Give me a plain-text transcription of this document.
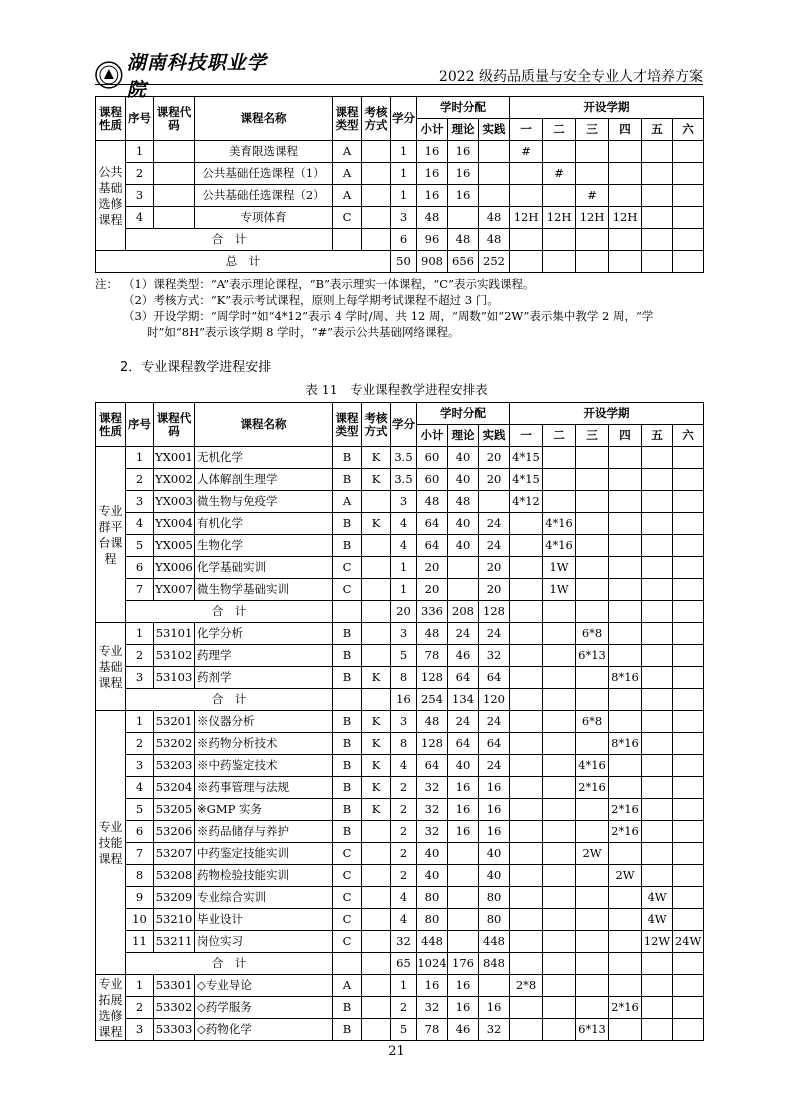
湖南科技职业学院
2022 级药品质量与安全专业人才培养方案
课程性质	序号	课程代码	课程名称	课程类型	考核方式	学分	学时分配			开设学期					
							小计	理论	实践	一	二	三	四	五	六
公共基础选修课程	1		美育限选课程	A		1	16	16		#					
	2		公共基础任选课程（1）	A		1	16	16			#				
	3		公共基础任选课程（2）	A		1	16	16				#			
	4		专项体育	C		3	48		48	12H	12H	12H	12H		
	合　计					6	96	48	48						
总　计						50	908	656	252						
注： （1）课程类型：“A”表示理论课程，“B”表示理实一体课程，“C”表示实践课程。
（2）考核方式：“K”表示考试课程，原则上每学期考试课程不超过 3 门。
（3）开设学期：“周学时”如“4*12”表示 4 学时/周、共 12 周，“周数”如“2W”表示集中教学 2 周，“学
时”如“8H”表示该学期 8 学时，“#”表示公共基础网络课程。
2．专业课程教学进程安排
表 11　专业课程教学进程安排表
课程性质	序号	课程代码	课程名称	课程类型	考核方式	学分	学时分配			开设学期					
							小计	理论	实践	一	二	三	四	五	六
专业群平台课程	1	YX001	无机化学	B	K	3.5	60	40	20	4*15					
	2	YX002	人体解剖生理学	B	K	3.5	60	40	20	4*15					
	3	YX003	微生物与免疫学	A		3	48	48		4*12					
	4	YX004	有机化学	B	K	4	64	40	24		4*16				
	5	YX005	生物化学	B		4	64	40	24		4*16				
	6	YX006	化学基础实训	C		1	20		20		1W				
	7	YX007	微生物学基础实训	C		1	20		20		1W				
	合　计					20	336	208	128						
专业基础课程	1	53101	化学分析	B		3	48	24	24			6*8			
	2	53102	药理学	B		5	78	46	32			6*13			
	3	53103	药剂学	B	K	8	128	64	64				8*16		
	合　计					16	254	134	120						
专业技能课程	1	53201	※仪器分析	B	K	3	48	24	24			6*8			
	2	53202	※药物分析技术	B	K	8	128	64	64				8*16		
	3	53203	※中药鉴定技术	B	K	4	64	40	24			4*16			
	4	53204	※药事管理与法规	B	K	2	32	16	16			2*16			
	5	53205	※GMP 实务	B	K	2	32	16	16				2*16		
	6	53206	※药品储存与养护	B		2	32	16	16				2*16		
	7	53207	中药鉴定技能实训	C		2	40		40			2W			
	8	53208	药物检验技能实训	C		2	40		40				2W		
	9	53209	专业综合实训	C		4	80		80					4W	
	10	53210	毕业设计	C		4	80		80					4W	
	11	53211	岗位实习	C		32	448		448					12W	24W
	合　计					65	1024	176	848						
专业拓展选修课程	1	53301	◇专业导论	A		1	16	16		2*8					
	2	53302	◇药学服务	B		2	32	16	16				2*16		
	3	53303	◇药物化学	B		5	78	46	32			6*13			
21
